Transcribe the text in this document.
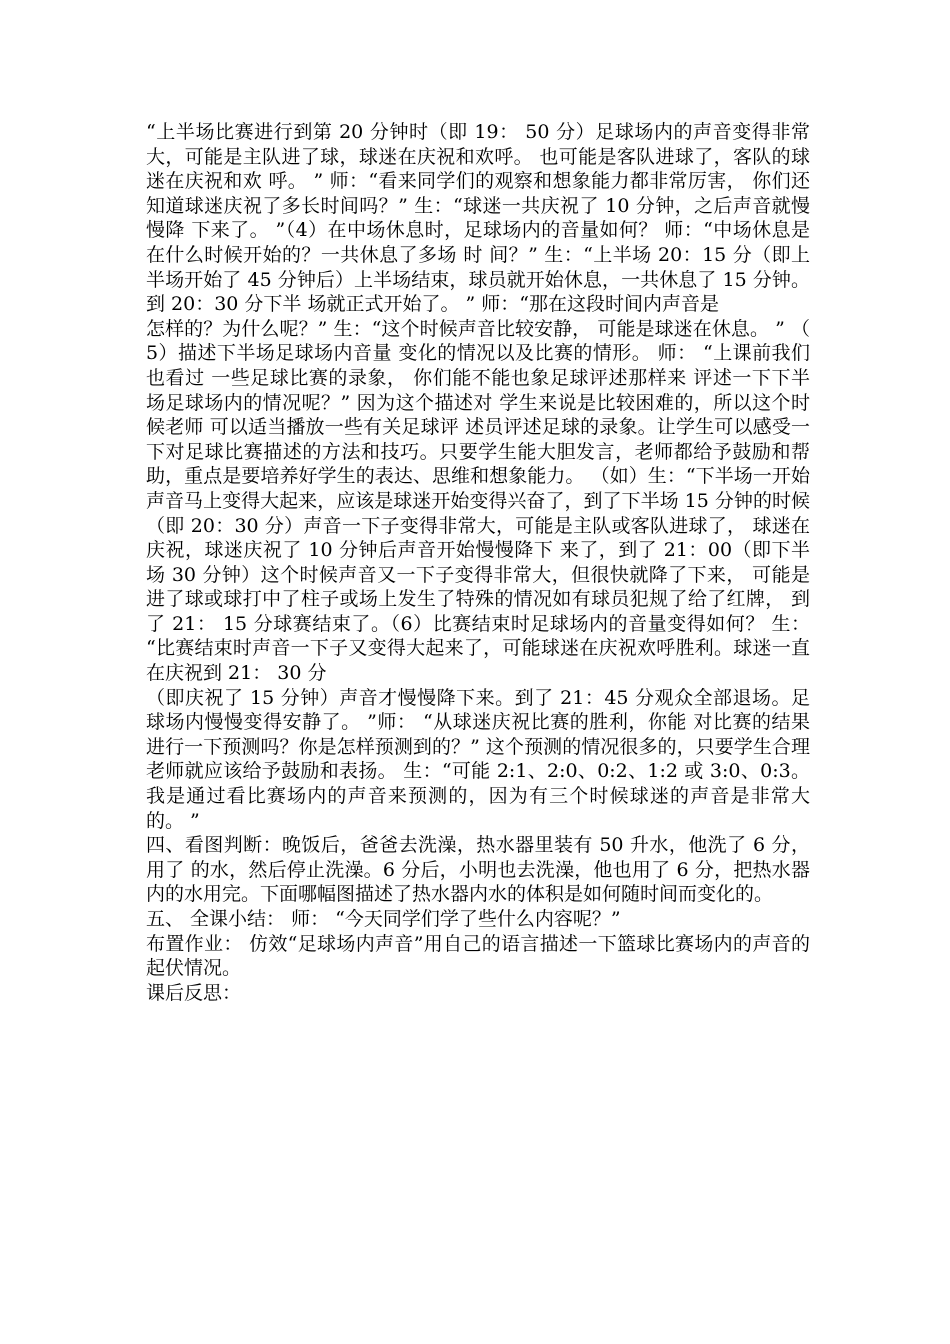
“上半场比赛进行到第 20 分钟时（即 19： 50 分）足球场内的声音变得非常大，可能是主队进了球，球迷在庆祝和欢呼。 也可能是客队进球了，客队的球迷在庆祝和欢 呼。 ” 师：“看来同学们的观察和想象能力都非常厉害， 你们还知道球迷庆祝了多长时间吗？” 生：“球迷一共庆祝了 10 分钟，之后声音就慢慢降 下来了。 ”（4）在中场休息时，足球场内的音量如何？ 师：“中场休息是在什么时候开始的？一共休息了多场 时 间？” 生：“上半场 20：15 分（即上半场开始了 45 分钟后）上半场结束，球员就开始休息，一共休息了 15 分钟。到 20：30 分下半 场就正式开始了。 ” 师：“那在这段时间内声音是

怎样的？为什么呢？” 生：“这个时候声音比较安静， 可能是球迷在休息。 ” （ 5）描述下半场足球场内音量 变化的情况以及比赛的情形。 师： “上课前我们也看过 一些足球比赛的录象， 你们能不能也象足球评述那样来 评述一下下半场足球场内的情况呢？” 因为这个描述对 学生来说是比较困难的，所以这个时候老师 可以适当播放一些有关足球评 述员评述足球的录象。让学生可以感受一下对足球比赛描述的方法和技巧。只要学生能大胆发言，老师都给予鼓励和帮助，重点是要培养好学生的表达、思维和想象能力。 （如）生：“下半场一开始声音马上变得大起来，应该是球迷开始变得兴奋了，到了下半场 15 分钟的时候（即 20：30 分）声音一下子变得非常大，可能是主队或客队进球了， 球迷在庆祝，球迷庆祝了 10 分钟后声音开始慢慢降下 来了，到了 21：00（即下半场 30 分钟）这个时候声音又一下子变得非常大，但很快就降了下来， 可能是进了球或球打中了柱子或场上发生了特殊的情况如有球员犯规了给了红牌， 到了 21： 15 分球赛结束了。（6）比赛结束时足球场内的音量变得如何？ 生： “比赛结束时声音一下子又变得大起来了，可能球迷在庆祝欢呼胜利。球迷一直在庆祝到 21： 30 分

（即庆祝了 15 分钟）声音才慢慢降下来。到了 21：45 分观众全部退场。足球场内慢慢变得安静了。 ”师： “从球迷庆祝比赛的胜利，你能 对比赛的结果进行一下预测吗？你是怎样预测到的？” 这个预测的情况很多的，只要学生合理老师就应该给予鼓励和表扬。 生：“可能 2:1、2:0、0:2、1:2 或 3:0、0:3。我是通过看比赛场内的声音来预测的，因为有三个时候球迷的声音是非常大的。 ”

四、看图判断：晚饭后，爸爸去洗澡，热水器里装有 50 升水，他洗了 6 分，用了 的水，然后停止洗澡。6 分后，小明也去洗澡，他也用了 6 分，把热水器内的水用完。下面哪幅图描述了热水器内水的体积是如何随时间而变化的。

五、 全课小结： 师： “今天同学们学了些什么内容呢？”

布置作业： 仿效“足球场内声音”用自己的语言描述一下篮球比赛场内的声音的起伏情况。

课后反思：
